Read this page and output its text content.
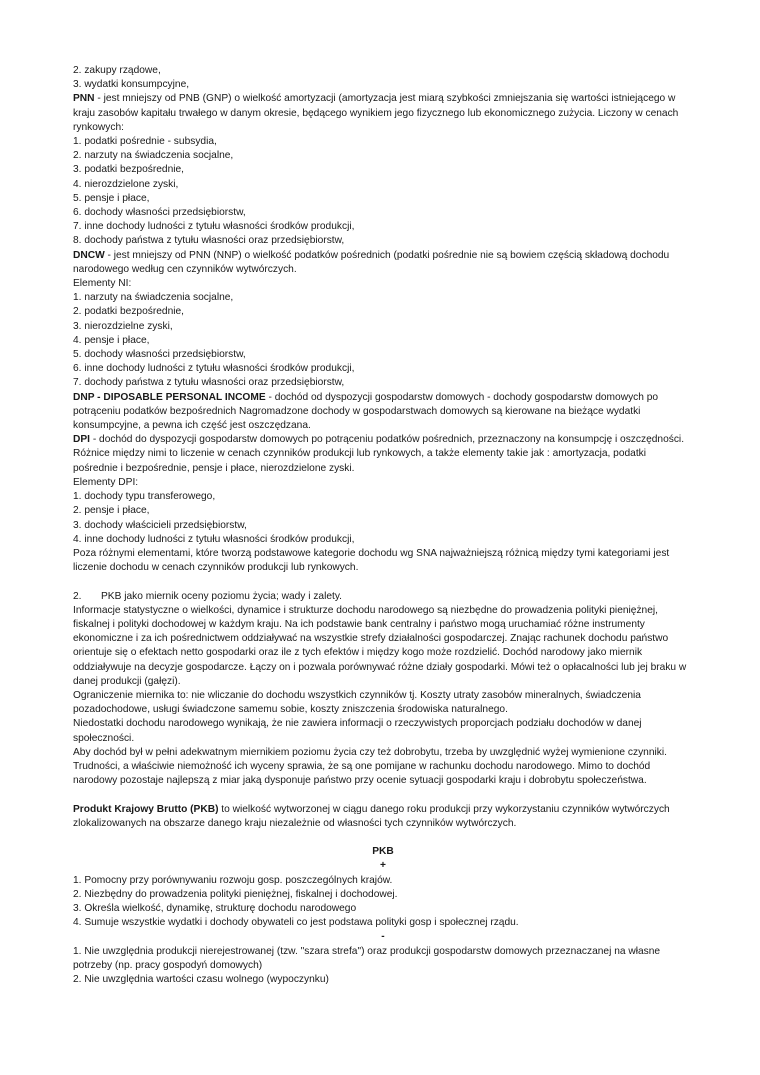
2. zakupy rządowe,
3. wydatki konsumpcyjne,
PNN - jest mniejszy od PNB (GNP) o wielkość amortyzacji (amortyzacja jest miarą szybkości zmniejszania się wartości istniejącego w kraju zasobów kapitału trwałego w danym okresie, będącego wynikiem jego fizycznego lub ekonomicznego zużycia. Liczony w cenach rynkowych:
1. podatki pośrednie - subsydia,
2. narzuty na świadczenia socjalne,
3. podatki bezpośrednie,
4. nierozdzielone zyski,
5. pensje i płace,
6. dochody własności przedsiębiorstw,
7. inne dochody ludności z tytułu własności środków produkcji,
8. dochody państwa z tytułu własności oraz przedsiębiorstw,
DNCW - jest mniejszy od PNN (NNP) o wielkość podatków pośrednich (podatki pośrednie nie są bowiem częścią składową dochodu narodowego według cen czynników wytwórczych.
Elementy NI:
1. narzuty na świadczenia socjalne,
2. podatki bezpośrednie,
3. nierozdzielne zyski,
4. pensje i płace,
5. dochody własności przedsiębiorstw,
6. inne dochody ludności z tytułu własności środków produkcji,
7. dochody państwa z tytułu własności oraz przedsiębiorstw,
DNP - DIPOSABLE PERSONAL INCOME - dochód od dyspozycji gospodarstw domowych - dochody gospodarstw domowych po potrąceniu podatków bezpośrednich Nagromadzone dochody w gospodarstwach domowych są kierowane na bieżące wydatki konsumpcyjne, a pewna ich część jest oszczędzana.
DPI - dochód do dyspozycji gospodarstw domowych po potrąceniu podatków pośrednich, przeznaczony na konsumpcję i oszczędności.
Różnice między nimi to liczenie w cenach czynników produkcji lub rynkowych, a także elementy takie jak : amortyzacja, podatki pośrednie i bezpośrednie, pensje i płace, nierozdzielone zyski.
Elementy DPI:
1. dochody typu transferowego,
2. pensje i płace,
3. dochody właścicieli przedsiębiorstw,
4. inne dochody ludności z tytułu własności środków produkcji,
Poza różnymi elementami, które tworzą podstawowe kategorie dochodu wg SNA najważniejszą różnicą między tymi kategoriami jest liczenie dochodu w cenach czynników produkcji lub rynkowych.
2. PKB jako miernik oceny poziomu życia; wady i zalety.
Informacje statystyczne o wielkości, dynamice i strukturze dochodu narodowego są niezbędne do prowadzenia polityki pieniężnej, fiskalnej i polityki dochodowej w każdym kraju. Na ich podstawie bank centralny i państwo mogą uruchamiać różne instrumenty ekonomiczne i za ich pośrednictwem oddziaływać na wszystkie strefy działalności gospodarczej. Znając rachunek dochodu państwo orientuje się o efektach netto gospodarki oraz ile z tych efektów i między kogo może rozdzielić. Dochód narodowy jako miernik oddziaływuje na decyzje gospodarcze. Łączy on i pozwala porównywać różne działy gospodarki. Mówi też o opłacalności lub jej braku w danej produkcji (gałęzi).
Ograniczenie miernika to: nie wliczanie do dochodu wszystkich czynników tj. Koszty utraty zasobów mineralnych, świadczenia pozadochodowe, usługi świadczone samemu sobie, koszty zniszczenia środowiska naturalnego.
Niedostatki dochodu narodowego wynikają, że nie zawiera informacji o rzeczywistych proporcjach podziału dochodów w danej społeczności.
Aby dochód był w pełni adekwatnym miernikiem poziomu życia czy też dobrobytu, trzeba by uwzględnić wyżej wymienione czynniki. Trudności, a właściwie niemożność ich wyceny sprawia, że są one pomijane w rachunku dochodu narodowego. Mimo to dochód narodowy pozostaje najlepszą z miar jaką dysponuje państwo przy ocenie sytuacji gospodarki kraju i dobrobytu społeczeństwa.
Produkt Krajowy Brutto (PKB) to wielkość wytworzonej w ciągu danego roku produkcji przy wykorzystaniu czynników wytwórczych zlokalizowanych na obszarze danego kraju niezależnie od własności tych czynników wytwórczych.
PKB
+
1. Pomocny przy porównywaniu rozwoju gosp. poszczególnych krajów.
2. Niezbędny do prowadzenia polityki pieniężnej, fiskalnej i dochodowej.
3. Określa wielkość, dynamikę, strukturę dochodu narodowego
4. Sumuje wszystkie wydatki i dochody obywateli co jest podstawa polityki gosp i społecznej rządu.
-
1. Nie uwzględnia produkcji nierejestrowanej (tzw. "szara strefa") oraz produkcji gospodarstw domowych przeznaczanej na własne potrzeby (np. pracy gospodyń domowych)
2. Nie uwzględnia wartości czasu wolnego (wypoczynku)
